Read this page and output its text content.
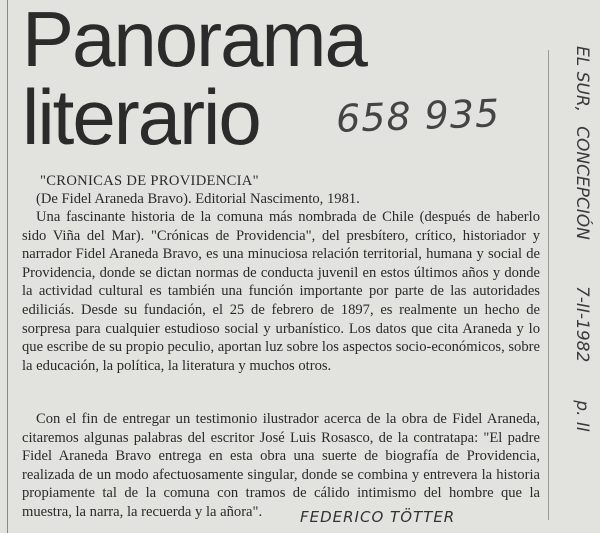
Panorama
literario 658 935
EL SUR,
CONCEPCIÓN
7-II-1982
p. II
"CRONICAS DE PROVIDENCIA"
(De Fidel Araneda Bravo). Editorial Nascimento, 1981.

Una fascinante historia de la comuna más nombrada de Chile (después de haberlo sido Viña del Mar). "Crónicas de Providencia", del presbítero, crítico, historiador y narrador Fidel Araneda Bravo, es una minuciosa relación territorial, humana y social de Providencia, donde se dictan normas de conducta juvenil en estos últimos años y donde la actividad cultural es también una función importante por parte de las autoridades ediliciás. Desde su fundación, el 25 de febrero de 1897, es realmente un hecho de sorpresa para cualquier estudioso social y urbanístico. Los datos que cita Araneda y lo que escribe de su propio peculio, aportan luz sobre los aspectos socio-económicos, sobre la educación, la política, la literatura y muchos otros.

Con el fin de entregar un testimonio ilustrador acerca de la obra de Fidel Araneda, citaremos algunas palabras del escritor José Luis Rosasco, de la contratapa: "El padre Fidel Araneda Bravo entrega en esta obra una suerte de biografía de Providencia, realizada de un modo afectuosamente singular, donde se combina y entrevera la historia propiamente tal de la comuna con tramos de cálido intimismo del hombre que la muestra, la narra, la recuerda y la añora".	FEDERICO TÖTTER
